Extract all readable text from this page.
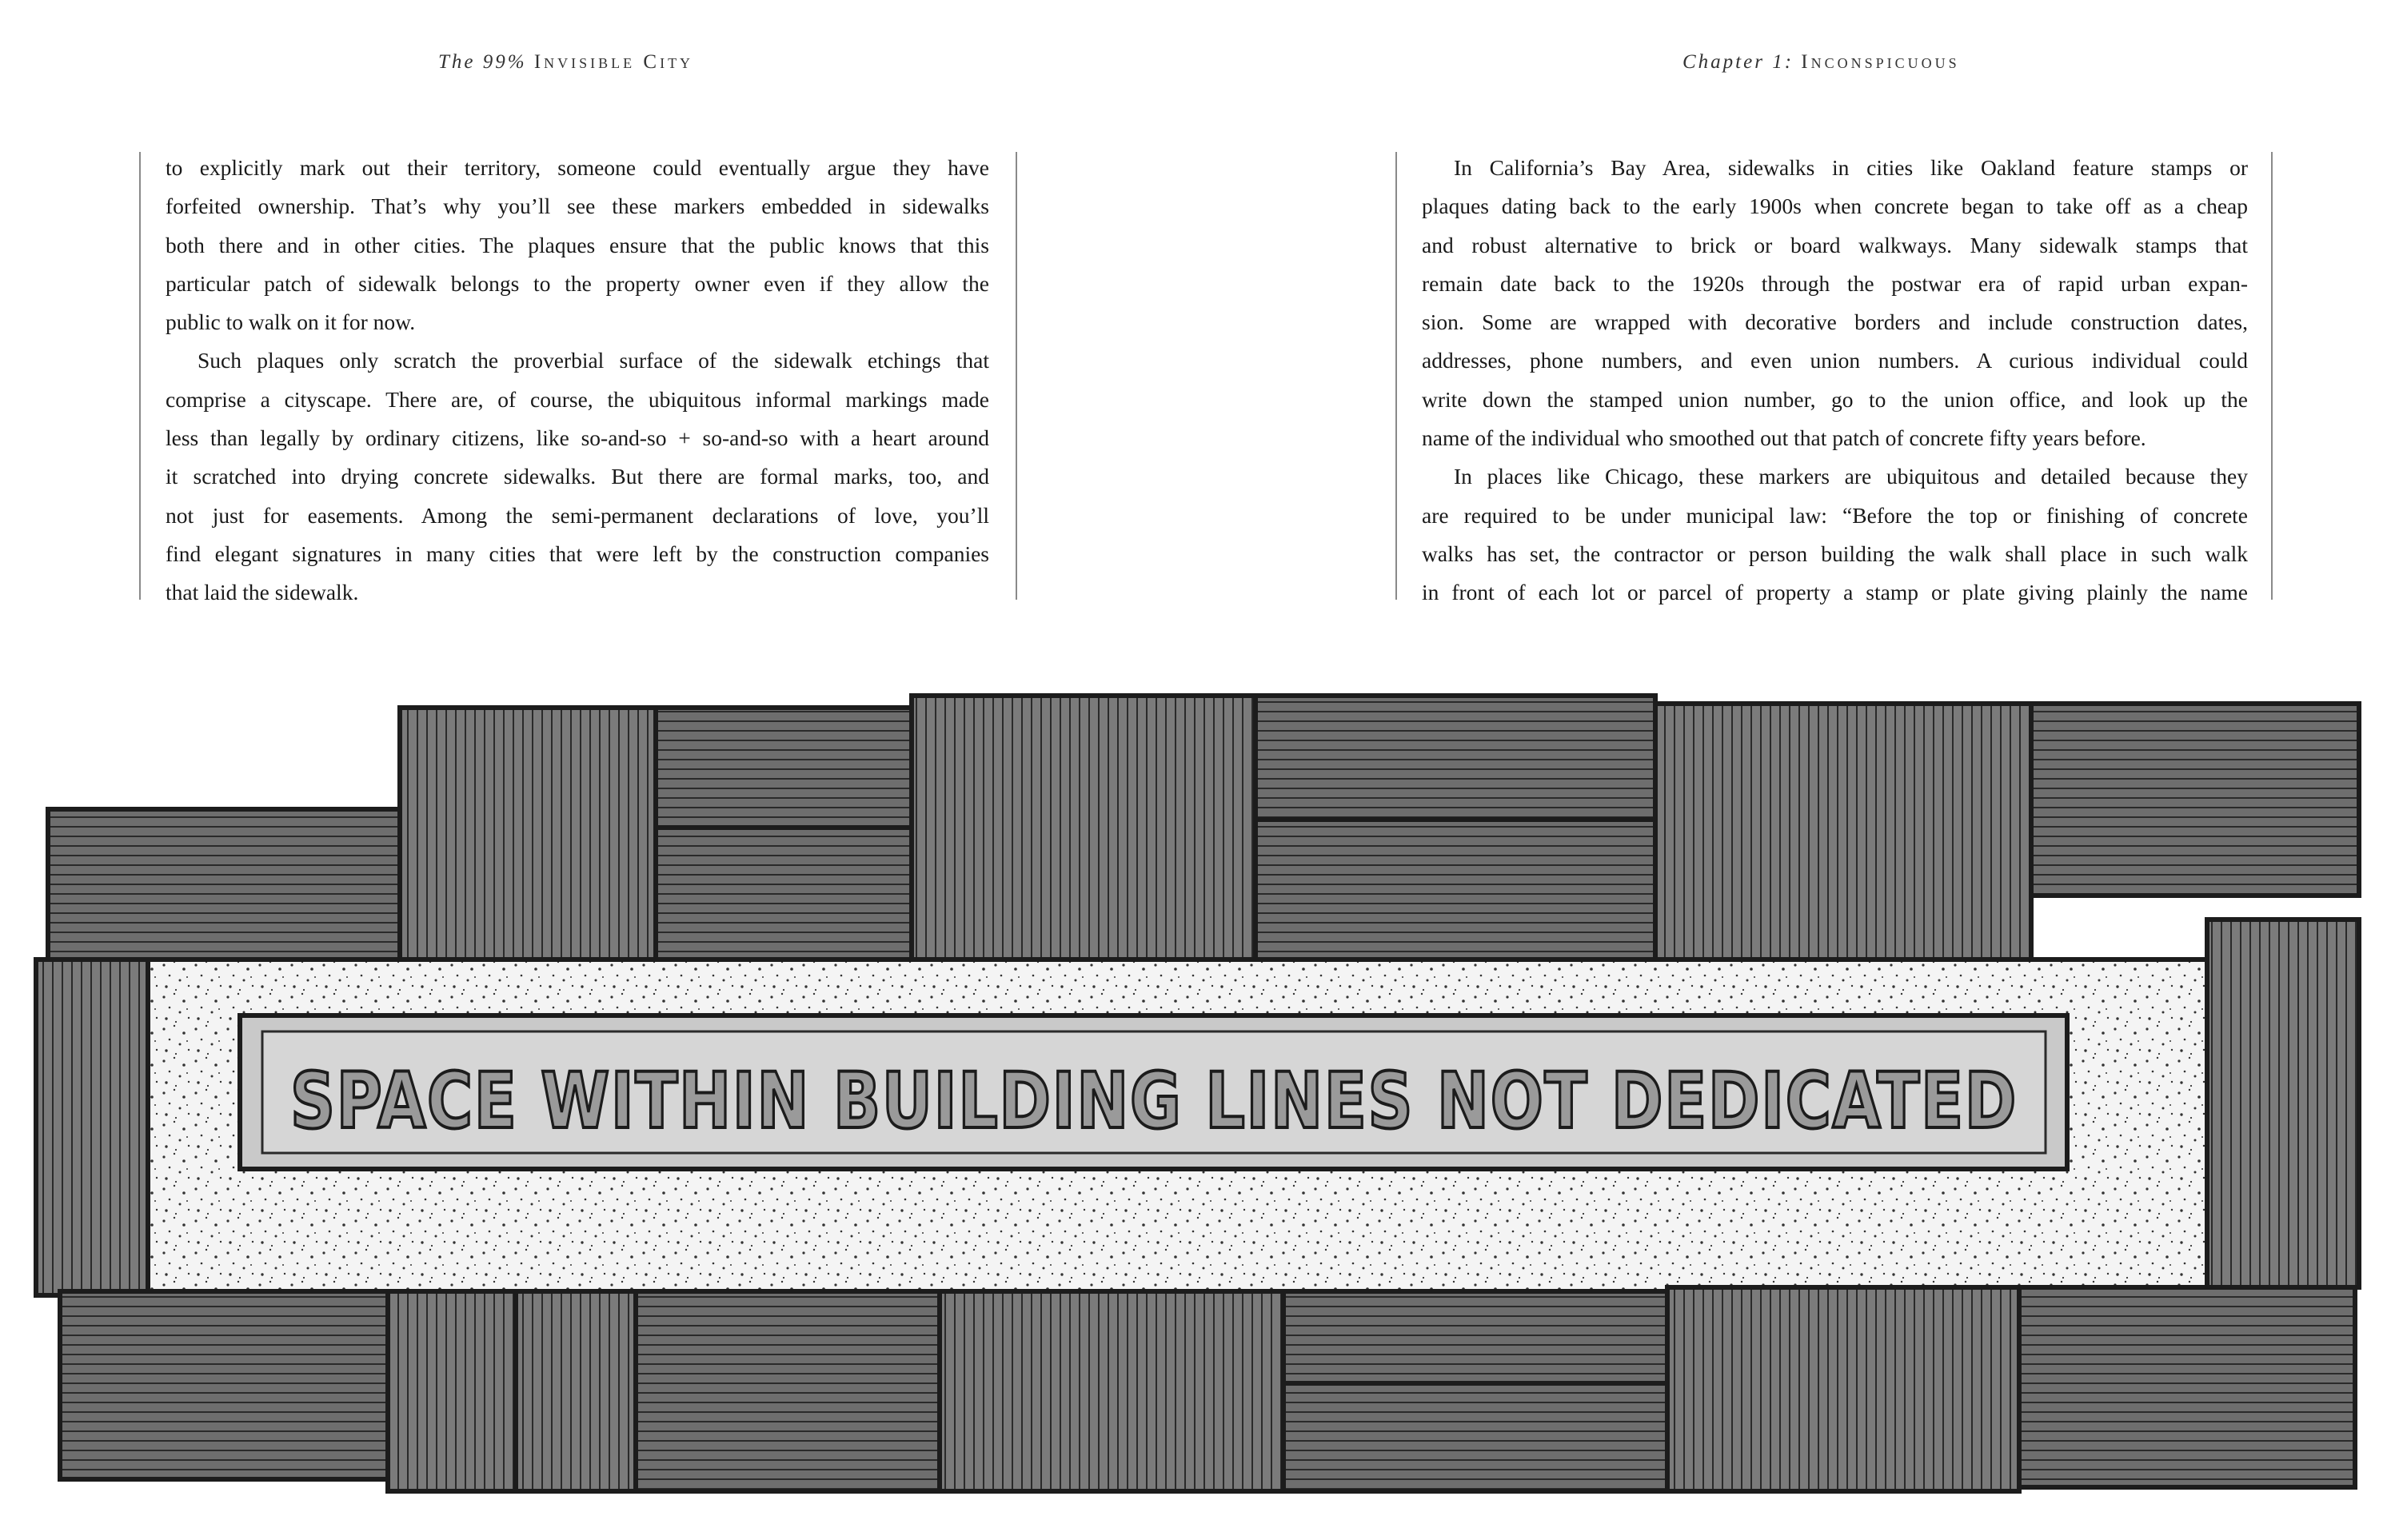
The 99% Invisible City	Chapter 1: Inconspicuous
to explicitly mark out their territory, someone could eventually argue they have
forfeited ownership. That’s why you’ll see these markers embedded in sidewalks
both there and in other cities. The plaques ensure that the public knows that this
particular patch of sidewalk belongs to the property owner even if they allow the
public to walk on it for now.
Such plaques only scratch the proverbial surface of the sidewalk etchings that
comprise a cityscape. There are, of course, the ubiquitous informal markings made
less than legally by ordinary citizens, like so-and-so + so-and-so with a heart around
it scratched into drying concrete sidewalks. But there are formal marks, too, and
not just for easements. Among the semi-permanent declarations of love, you’ll
find elegant signatures in many cities that were left by the construction companies
that laid the sidewalk.
In California’s Bay Area, sidewalks in cities like Oakland feature stamps or
plaques dating back to the early 1900s when concrete began to take off as a cheap
and robust alternative to brick or board walkways. Many sidewalk stamps that
remain date back to the 1920s through the postwar era of rapid urban expan-
sion. Some are wrapped with decorative borders and include construction dates,
addresses, phone numbers, and even union numbers. A curious individual could
write down the stamped union number, go to the union office, and look up the
name of the individual who smoothed out that patch of concrete fifty years before.
In places like Chicago, these markers are ubiquitous and detailed because they
are required to be under municipal law: “Before the top or finishing of concrete
walks has set, the contractor or person building the walk shall place in such walk
in front of each lot or parcel of property a stamp or plate giving plainly the name
SPACE WITHIN BUILDING LINES NOT DEDICATED
